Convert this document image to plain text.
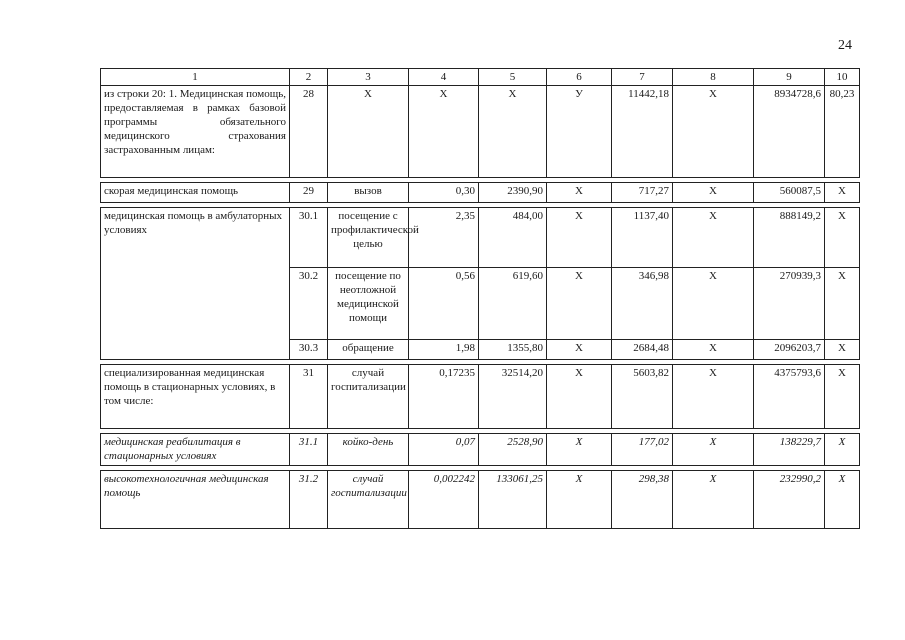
24
1	2	3	4	5	6	7	8	9	10
из строки 20: 1. Медицинская помощь, предоставляемая в рамках базовой программы обязательного медицинского страхования застрахованным лицам:	28	Х	Х	Х	У	11442,18	Х	8934728,6	80,23

скорая медицинская помощь	29	вызов	0,30	2390,90	Х	717,27	Х	560087,5	Х

медицинская помощь в амбулаторных условиях	30.1	посещение с профилактической целью	2,35	484,00	Х	1137,40	Х	888149,2	Х
	30.2	посещение по неотложной медицинской помощи	0,56	619,60	Х	346,98	Х	270939,3	Х
	30.3	обращение	1,98	1355,80	Х	2684,48	Х	2096203,7	Х

специализированная медицинская помощь в стационарных условиях, в том числе:	31	случай госпитализации	0,17235	32514,20	Х	5603,82	Х	4375793,6	Х

медицинская реабилитация в стационарных условиях	31.1	койко-день	0,07	2528,90	Х	177,02	Х	138229,7	Х

высокотехнологичная медицинская помощь	31.2	случай госпитализации	0,002242	133061,25	Х	298,38	Х	232990,2	Х
